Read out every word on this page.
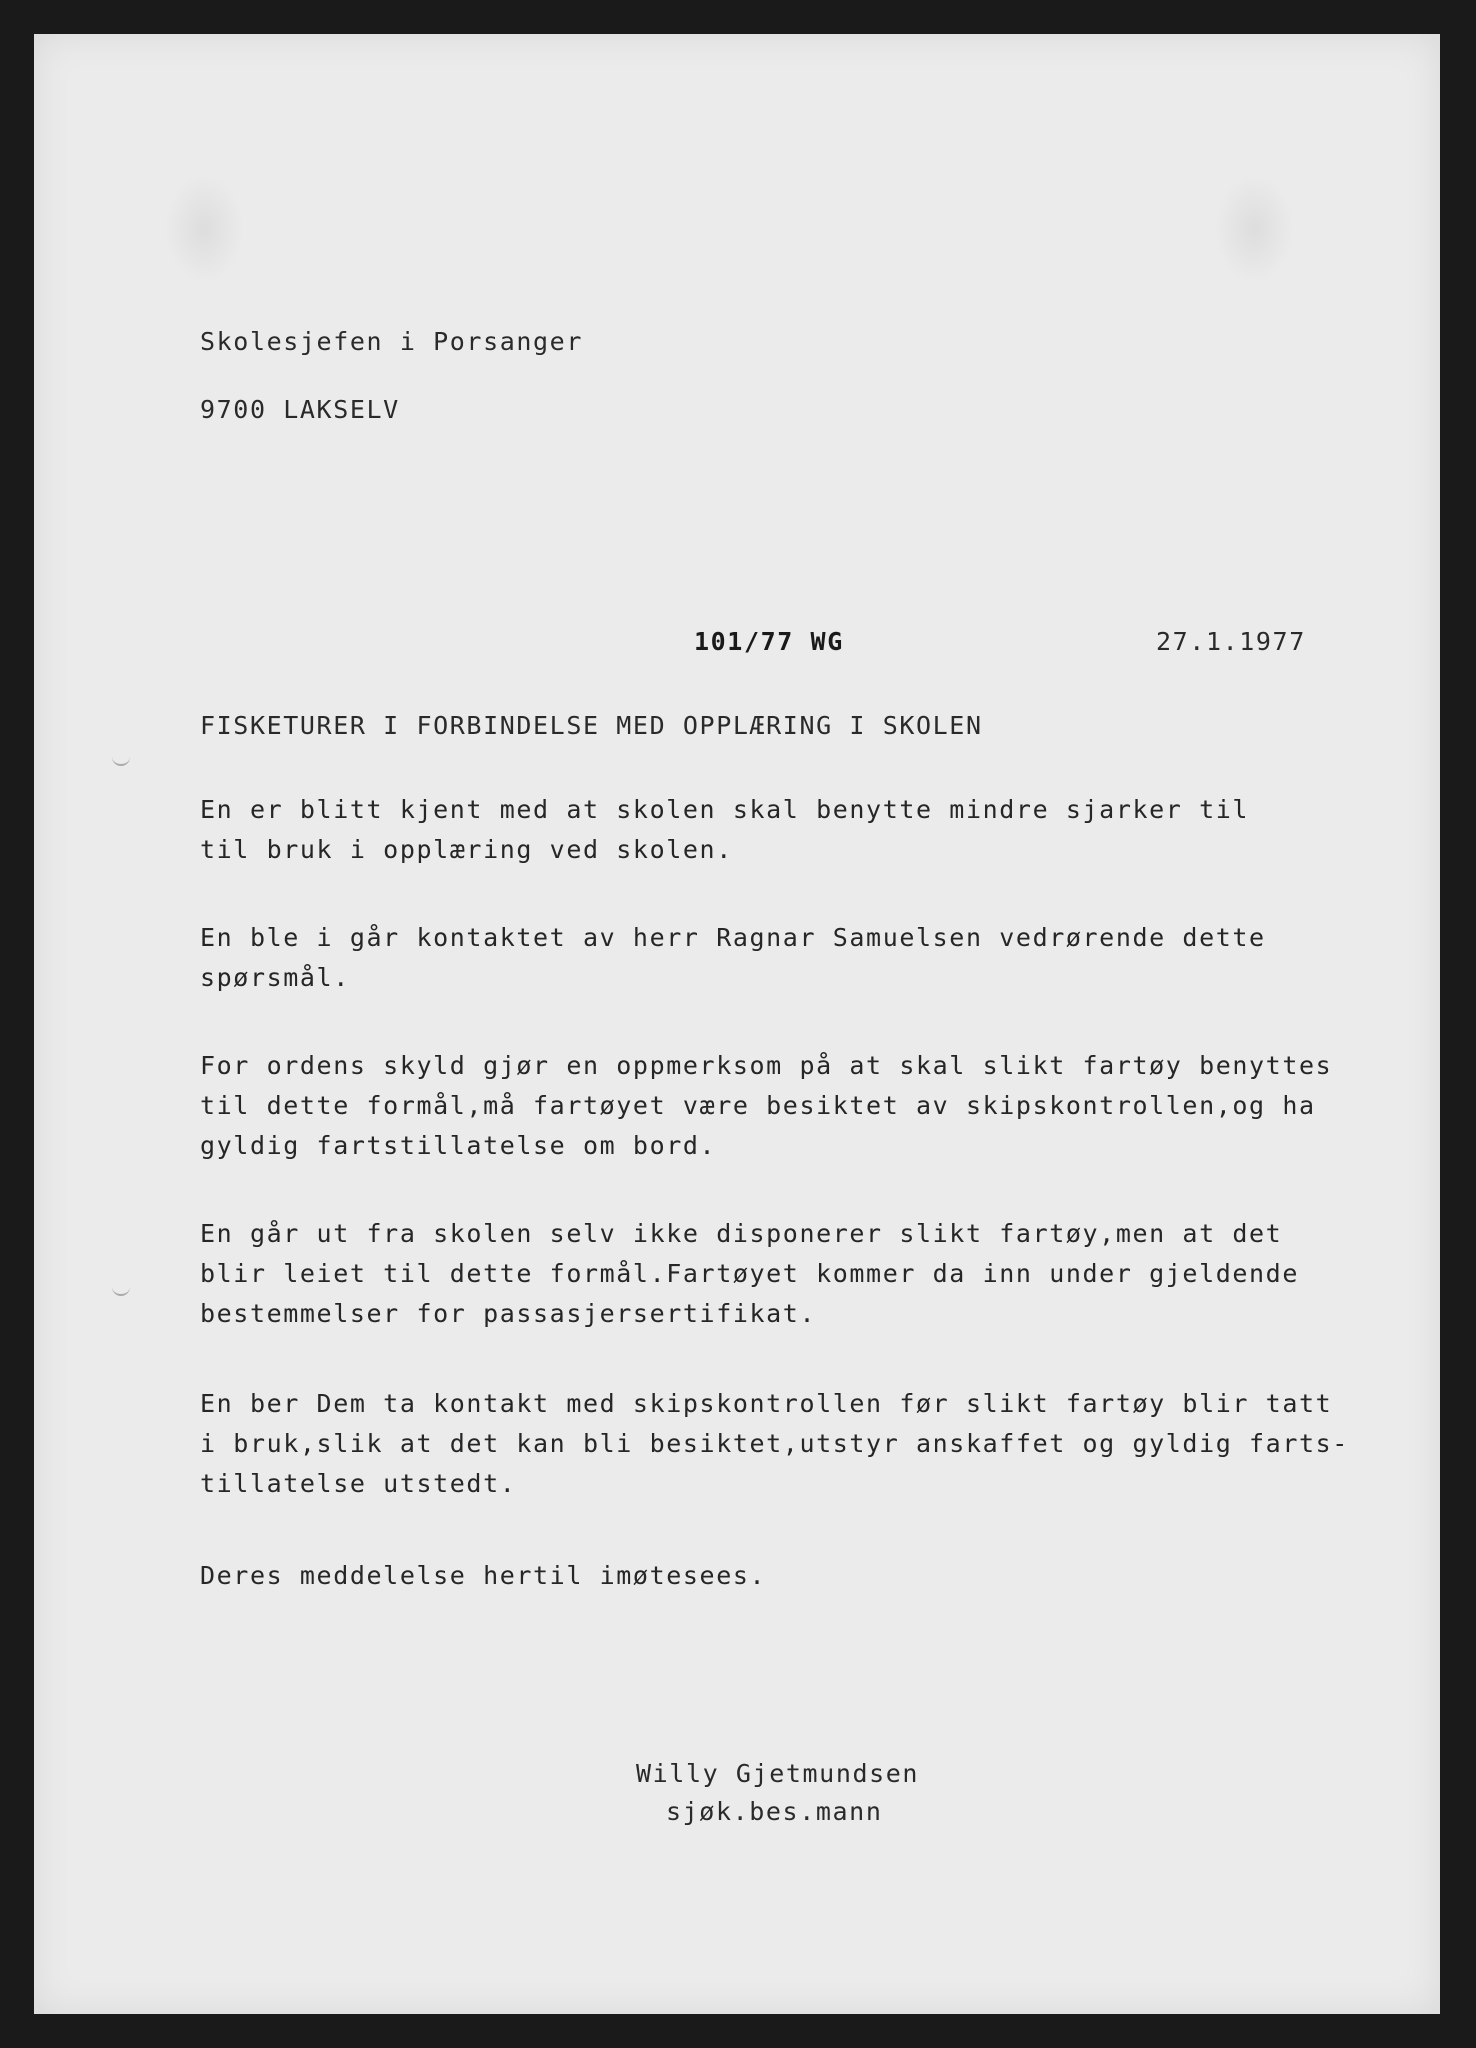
Skolesjefen i Porsanger
9700 LAKSELV
101/77 WG	27.1.1977
FISKETURER I FORBINDELSE MED OPPLÆRING I SKOLEN
En er blitt kjent med at skolen skal benytte mindre sjarker til
til bruk i opplæring ved skolen.
En ble i går kontaktet av herr Ragnar Samuelsen vedrørende dette
spørsmål.
For ordens skyld gjør en oppmerksom på at skal slikt fartøy benyttes
til dette formål,må fartøyet være besiktet av skipskontrollen,og ha
gyldig fartstillatelse om bord.
En går ut fra skolen selv ikke disponerer slikt fartøy,men at det
blir leiet til dette formål.Fartøyet kommer da inn under gjeldende
bestemmelser for passasjersertifikat.
En ber Dem ta kontakt med skipskontrollen før slikt fartøy blir tatt
i bruk,slik at det kan bli besiktet,utstyr anskaffet og gyldig farts-
tillatelse utstedt.
Deres meddelelse hertil imøtesees.
Willy Gjetmundsen
sjøk.bes.mann
